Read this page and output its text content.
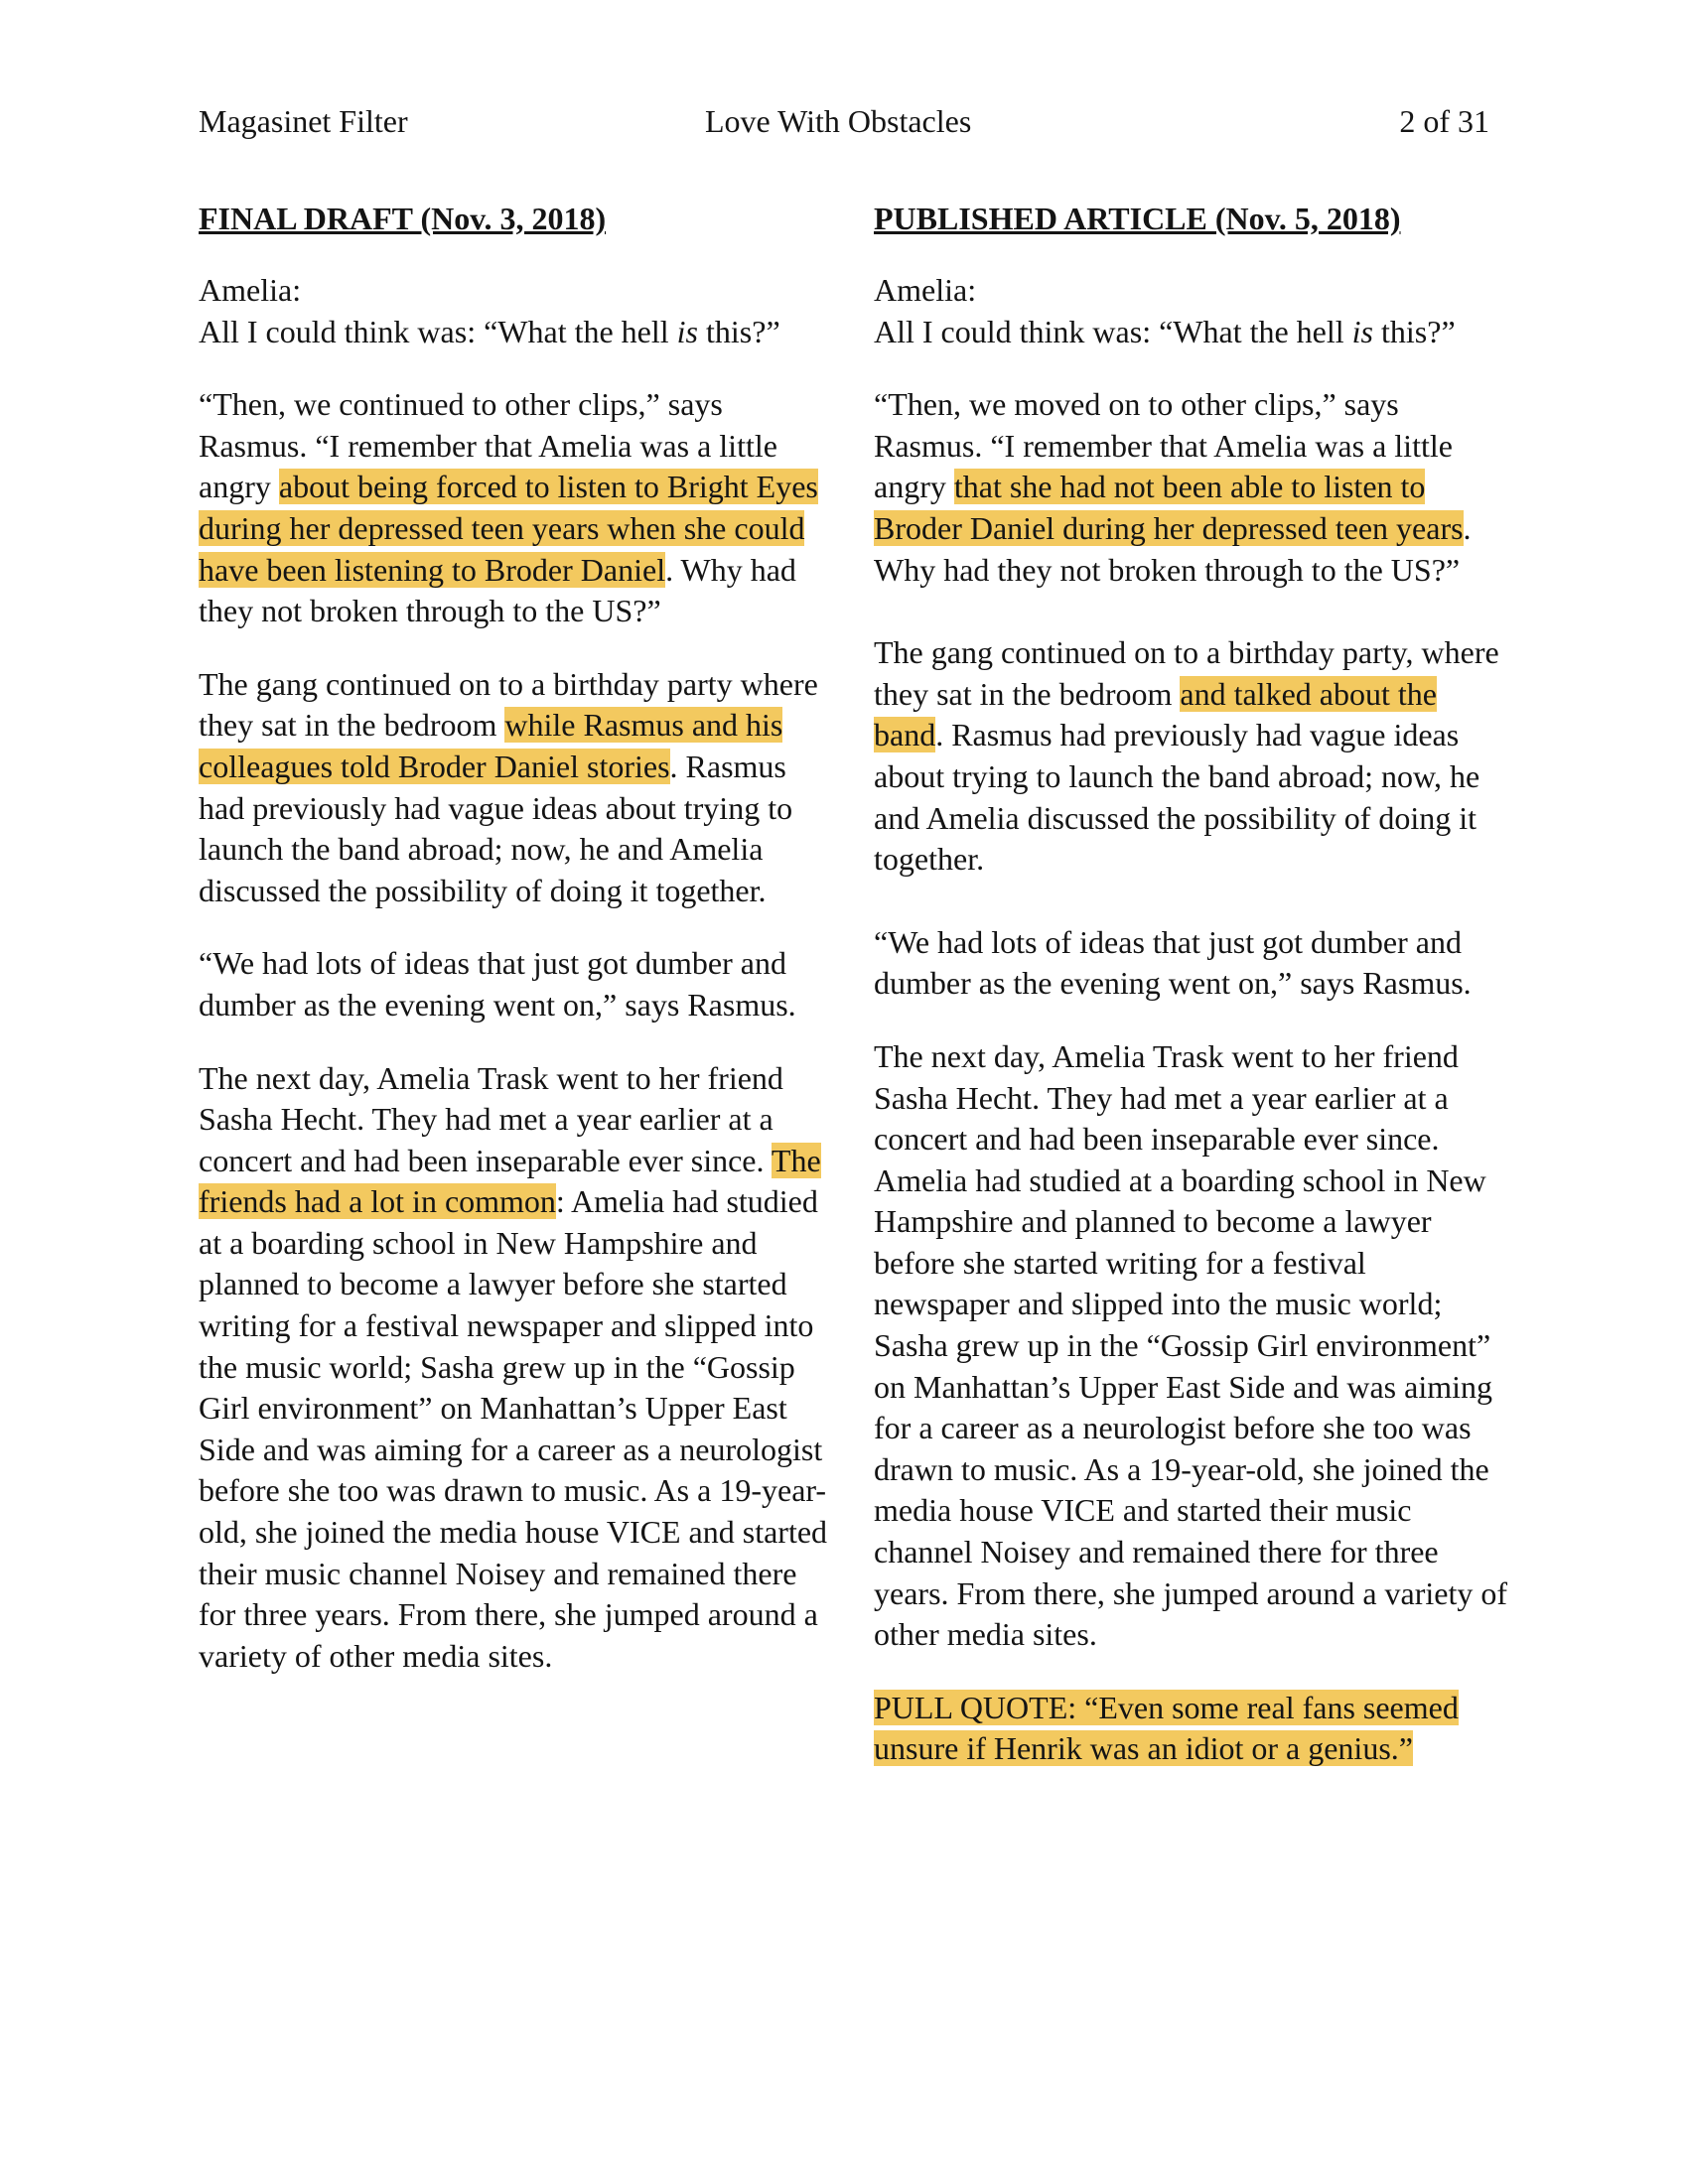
Magasinet Filter	Love With Obstacles	2 of 31
FINAL DRAFT (Nov. 3, 2018)

Amelia:
All I could think was: “What the hell is this?”

“Then, we continued to other clips,” says Rasmus. “I remember that Amelia was a little angry about being forced to listen to Bright Eyes during her depressed teen years when she could have been listening to Broder Daniel. Why had they not broken through to the US?”

The gang continued on to a birthday party where they sat in the bedroom while Rasmus and his colleagues told Broder Daniel stories. Rasmus had previously had vague ideas about trying to launch the band abroad; now, he and Amelia discussed the possibility of doing it together.

“We had lots of ideas that just got dumber and dumber as the evening went on,” says Rasmus.

The next day, Amelia Trask went to her friend Sasha Hecht. They had met a year earlier at a concert and had been inseparable ever since. The friends had a lot in common: Amelia had studied at a boarding school in New Hampshire and planned to become a lawyer before she started writing for a festival newspaper and slipped into the music world; Sasha grew up in the “Gossip Girl environment” on Manhattan’s Upper East Side and was aiming for a career as a neurologist before she too was drawn to music. As a 19-year-old, she joined the media house VICE and started their music channel Noisey and remained there for three years. From there, she jumped around a variety of other media sites.

PUBLISHED ARTICLE (Nov. 5, 2018)

Amelia:
All I could think was: “What the hell is this?”

“Then, we moved on to other clips,” says Rasmus. “I remember that Amelia was a little angry that she had not been able to listen to Broder Daniel during her depressed teen years. Why had they not broken through to the US?”

The gang continued on to a birthday party, where they sat in the bedroom and talked about the band. Rasmus had previously had vague ideas about trying to launch the band abroad; now, he and Amelia discussed the possibility of doing it together.

“We had lots of ideas that just got dumber and dumber as the evening went on,” says Rasmus.

The next day, Amelia Trask went to her friend Sasha Hecht. They had met a year earlier at a concert and had been inseparable ever since. Amelia had studied at a boarding school in New Hampshire and planned to become a lawyer before she started writing for a festival newspaper and slipped into the music world; Sasha grew up in the “Gossip Girl environment” on Manhattan’s Upper East Side and was aiming for a career as a neurologist before she too was drawn to music. As a 19-year-old, she joined the media house VICE and started their music channel Noisey and remained there for three years. From there, she jumped around a variety of other media sites.

PULL QUOTE: “Even some real fans seemed unsure if Henrik was an idiot or a genius.”
